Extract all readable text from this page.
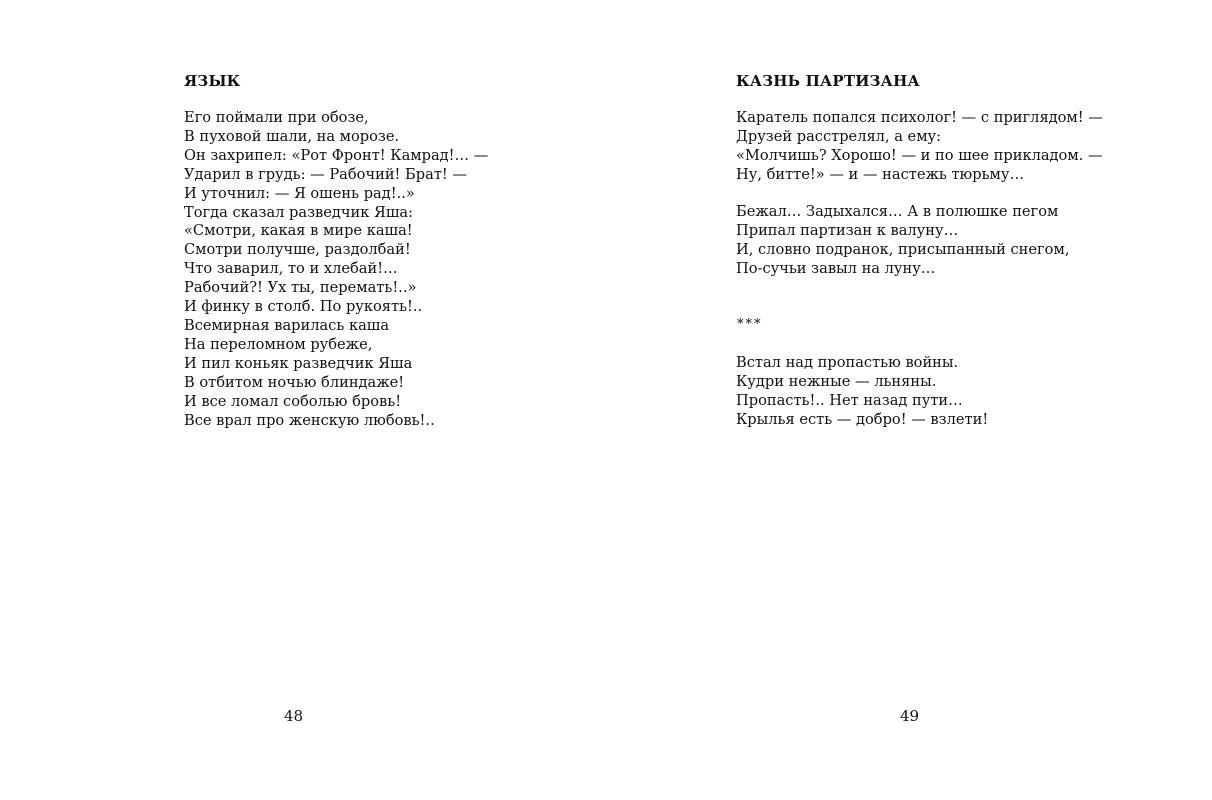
ЯЗЫК
Его поймали при обозе,
В пуховой шали, на морозе.
Он захрипел: «Рот Фронт! Камрад!… —
Ударил в грудь: — Рабочий! Брат! —
И уточнил: — Я ошень рад!..»
Тогда сказал разведчик Яша:
«Смотри, какая в мире каша!
Смотри получше, раздолбай!
Что заварил, то и хлебай!…
Рабочий?! Ух ты, перемать!..»
И финку в столб. По рукоять!..
Всемирная варилась каша
На переломном рубеже,
И пил коньяк разведчик Яша
В отбитом ночью блиндаже!
И все ломал соболью бровь!
Все врал про женскую любовь!..
48
КАЗНЬ ПАРТИЗАНА
Каратель попался психолог! — с приглядом! —
Друзей расстрелял, а ему:
«Молчишь? Хорошо! — и по шее прикладом. —
Ну, битте!» — и — настежь тюрьму…
Бежал… Задыхался… А в полюшке пегом
Припал партизан к валуну…
И, словно подранок, присыпанный снегом,
По-сучьи завыл на луну…
***
Встал над пропастью войны.
Кудри нежные — льняны.
Пропасть!.. Нет назад пути…
Крылья есть — добро! — взлети!
49
